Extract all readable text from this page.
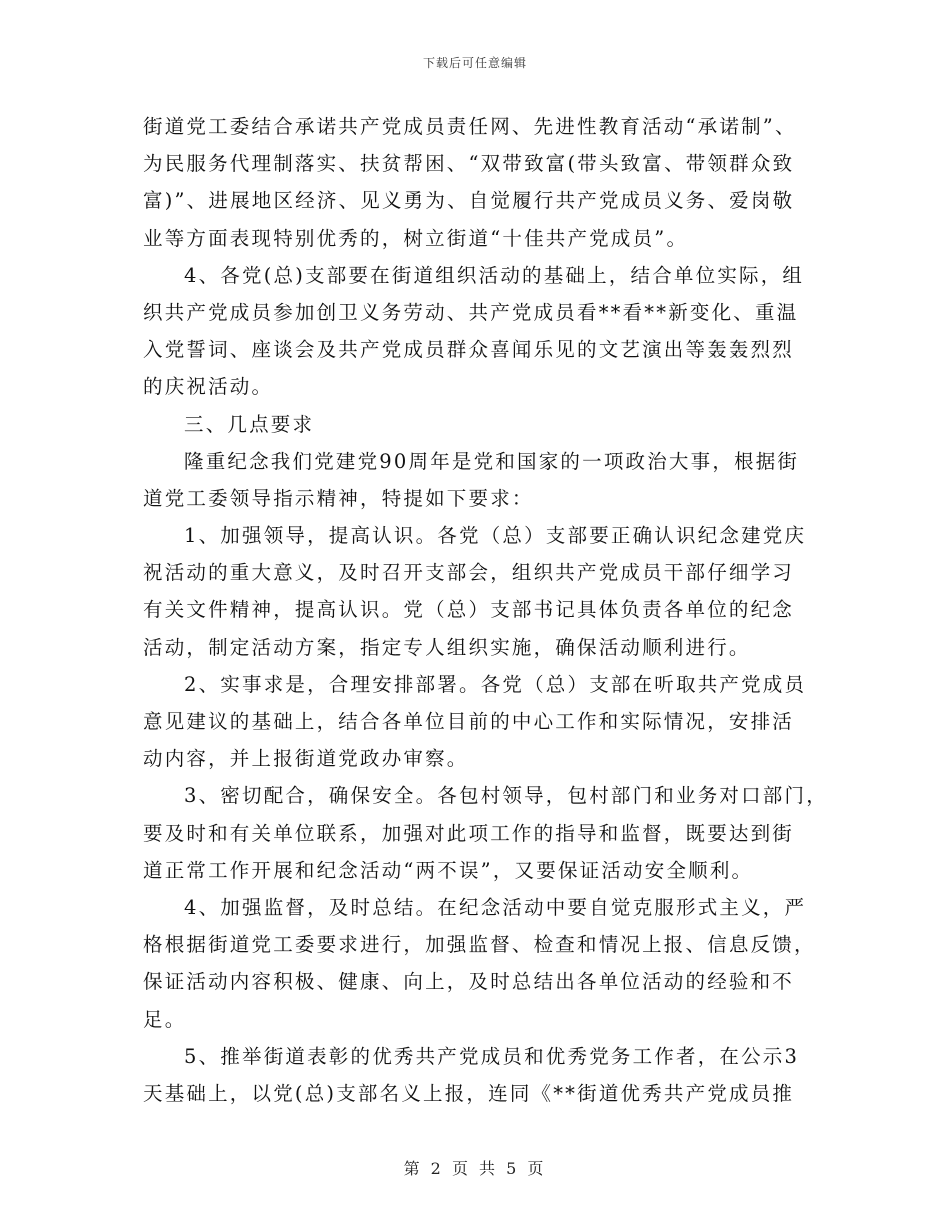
下载后可任意编辑
街道党工委结合承诺共产党成员责任网、先进性教育活动“承诺制”、
为民服务代理制落实、扶贫帮困、“双带致富(带头致富、带领群众致
富)”、进展地区经济、见义勇为、自觉履行共产党成员义务、爱岗敬
业等方面表现特别优秀的，树立街道“十佳共产党成员”。
4、各党(总)支部要在街道组织活动的基础上，结合单位实际，组
织共产党成员参加创卫义务劳动、共产党成员看**看**新变化、重温
入党誓词、座谈会及共产党成员群众喜闻乐见的文艺演出等轰轰烈烈
的庆祝活动。
三、几点要求
隆重纪念我们党建党90周年是党和国家的一项政治大事，根据街
道党工委领导指示精神，特提如下要求：
1、加强领导，提高认识。各党（总）支部要正确认识纪念建党庆
祝活动的重大意义，及时召开支部会，组织共产党成员干部仔细学习
有关文件精神，提高认识。党（总）支部书记具体负责各单位的纪念
活动，制定活动方案，指定专人组织实施，确保活动顺利进行。
2、实事求是，合理安排部署。各党（总）支部在听取共产党成员
意见建议的基础上，结合各单位目前的中心工作和实际情况，安排活
动内容，并上报街道党政办审察。
3、密切配合，确保安全。各包村领导，包村部门和业务对口部门，
要及时和有关单位联系，加强对此项工作的指导和监督，既要达到街
道正常工作开展和纪念活动“两不误”，又要保证活动安全顺利。
4、加强监督，及时总结。在纪念活动中要自觉克服形式主义，严
格根据街道党工委要求进行，加强监督、检查和情况上报、信息反馈，
保证活动内容积极、健康、向上，及时总结出各单位活动的经验和不
足。
5、推举街道表彰的优秀共产党成员和优秀党务工作者，在公示3
天基础上，以党(总)支部名义上报，连同《**街道优秀共产党成员推
第 2 页 共 5 页
